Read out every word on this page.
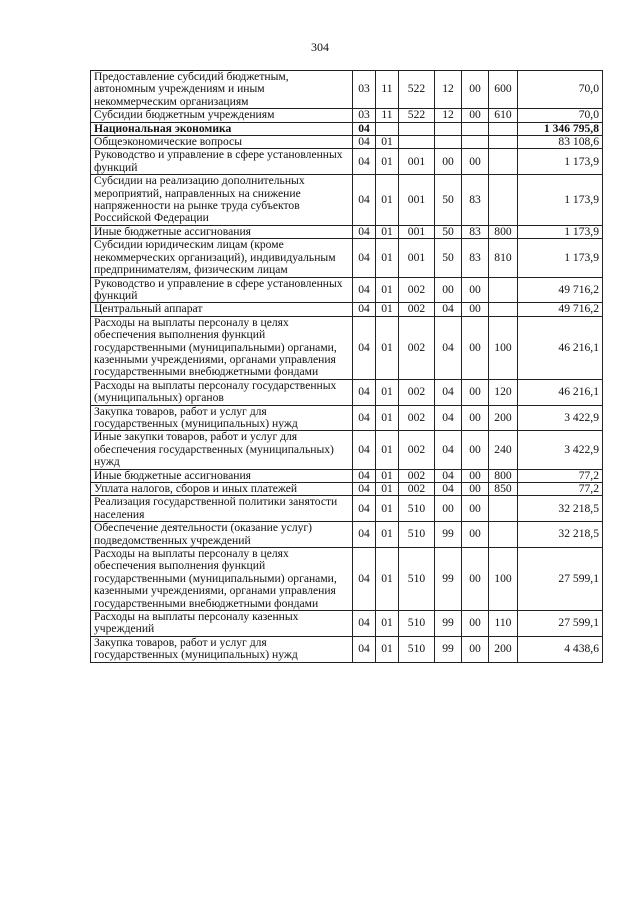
304
Предоставление субсидий бюджетным, автономным учреждениям и иным некоммерческим организациям	03	11	522	12	00	600	70,0
Субсидии бюджетным учреждениям	03	11	522	12	00	610	70,0
Национальная экономика	04						1 346 795,8
Общеэкономические вопросы	04	01					83 108,6
Руководство и управление в сфере установленных функций	04	01	001	00	00		1 173,9
Субсидии на реализацию дополнительных мероприятий, направленных на снижение напряженности на рынке труда субъектов Российской Федерации	04	01	001	50	83		1 173,9
Иные бюджетные ассигнования	04	01	001	50	83	800	1 173,9
Субсидии юридическим лицам (кроме некоммерческих организаций), индивидуальным предпринимателям, физическим лицам	04	01	001	50	83	810	1 173,9
Руководство и управление в сфере установленных функций	04	01	002	00	00		49 716,2
Центральный аппарат	04	01	002	04	00		49 716,2
Расходы на выплаты персоналу в целях обеспечения выполнения функций государственными (муниципальными) органами, казенными учреждениями, органами управления государственными внебюджетными фондами	04	01	002	04	00	100	46 216,1
Расходы на выплаты персоналу государственных (муниципальных) органов	04	01	002	04	00	120	46 216,1
Закупка товаров, работ и услуг для государственных (муниципальных) нужд	04	01	002	04	00	200	3 422,9
Иные закупки товаров, работ и услуг для обеспечения государственных (муниципальных) нужд	04	01	002	04	00	240	3 422,9
Иные бюджетные ассигнования	04	01	002	04	00	800	77,2
Уплата налогов, сборов и иных платежей	04	01	002	04	00	850	77,2
Реализация государственной политики занятости населения	04	01	510	00	00		32 218,5
Обеспечение деятельности (оказание услуг) подведомственных учреждений	04	01	510	99	00		32 218,5
Расходы на выплаты персоналу в целях обеспечения выполнения функций государственными (муниципальными) органами, казенными учреждениями, органами управления государственными внебюджетными фондами	04	01	510	99	00	100	27 599,1
Расходы на выплаты персоналу казенных учреждений	04	01	510	99	00	110	27 599,1
Закупка товаров, работ и услуг для государственных (муниципальных) нужд	04	01	510	99	00	200	4 438,6
